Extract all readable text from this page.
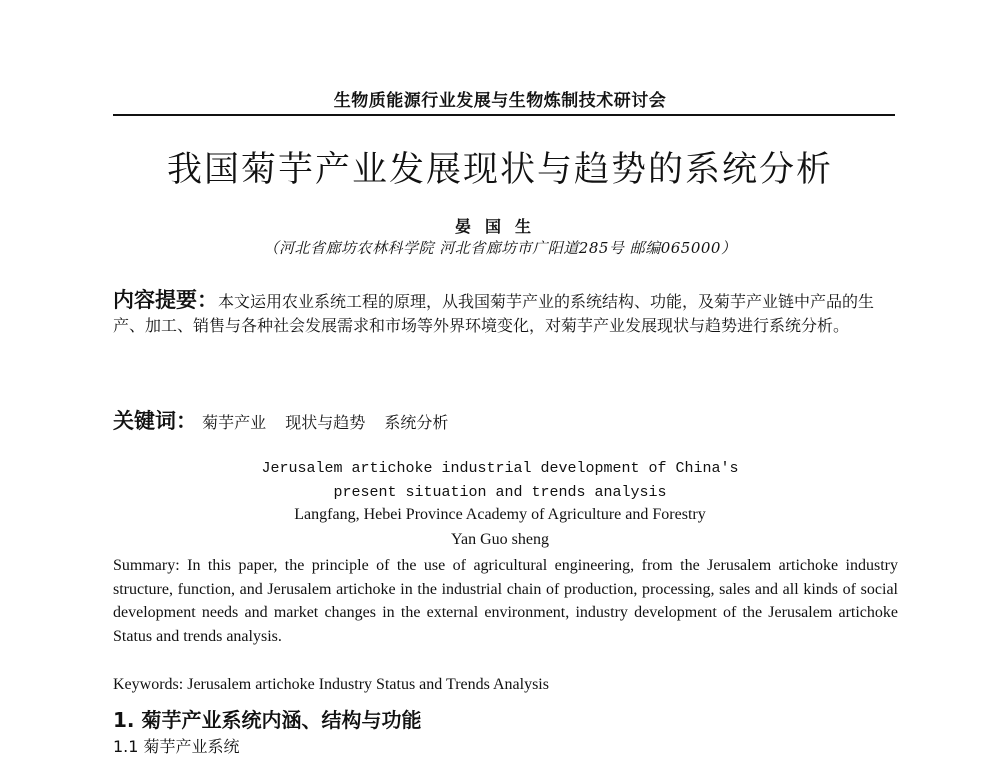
生物质能源行业发展与生物炼制技术研讨会
我国菊芋产业发展现状与趋势的系统分析
晏国生
（河北省廊坊农林科学院 河北省廊坊市广阳道285号 邮编065000）
内容提要：本文运用农业系统工程的原理，从我国菊芋产业的系统结构、功能，及菊芋产业链中产品的生产、加工、销售与各种社会发展需求和市场等外界环境变化，对菊芋产业发展现状与趋势进行系统分析。
关键词： 菊芋产业 现状与趋势 系统分析
Jerusalem artichoke industrial development of China's
present situation and trends analysis
Langfang, Hebei Province Academy of Agriculture and Forestry
Yan Guo sheng
Summary: In this paper, the principle of the use of agricultural engineering, from the Jerusalem artichoke industry structure, function, and Jerusalem artichoke in the industrial chain of production, processing, sales and all kinds of social development needs and market changes in the external environment, industry development of the Jerusalem artichoke Status and trends analysis.
Keywords: Jerusalem artichoke Industry Status and Trends Analysis
1. 菊芋产业系统内涵、结构与功能
1.1 菊芋产业系统
